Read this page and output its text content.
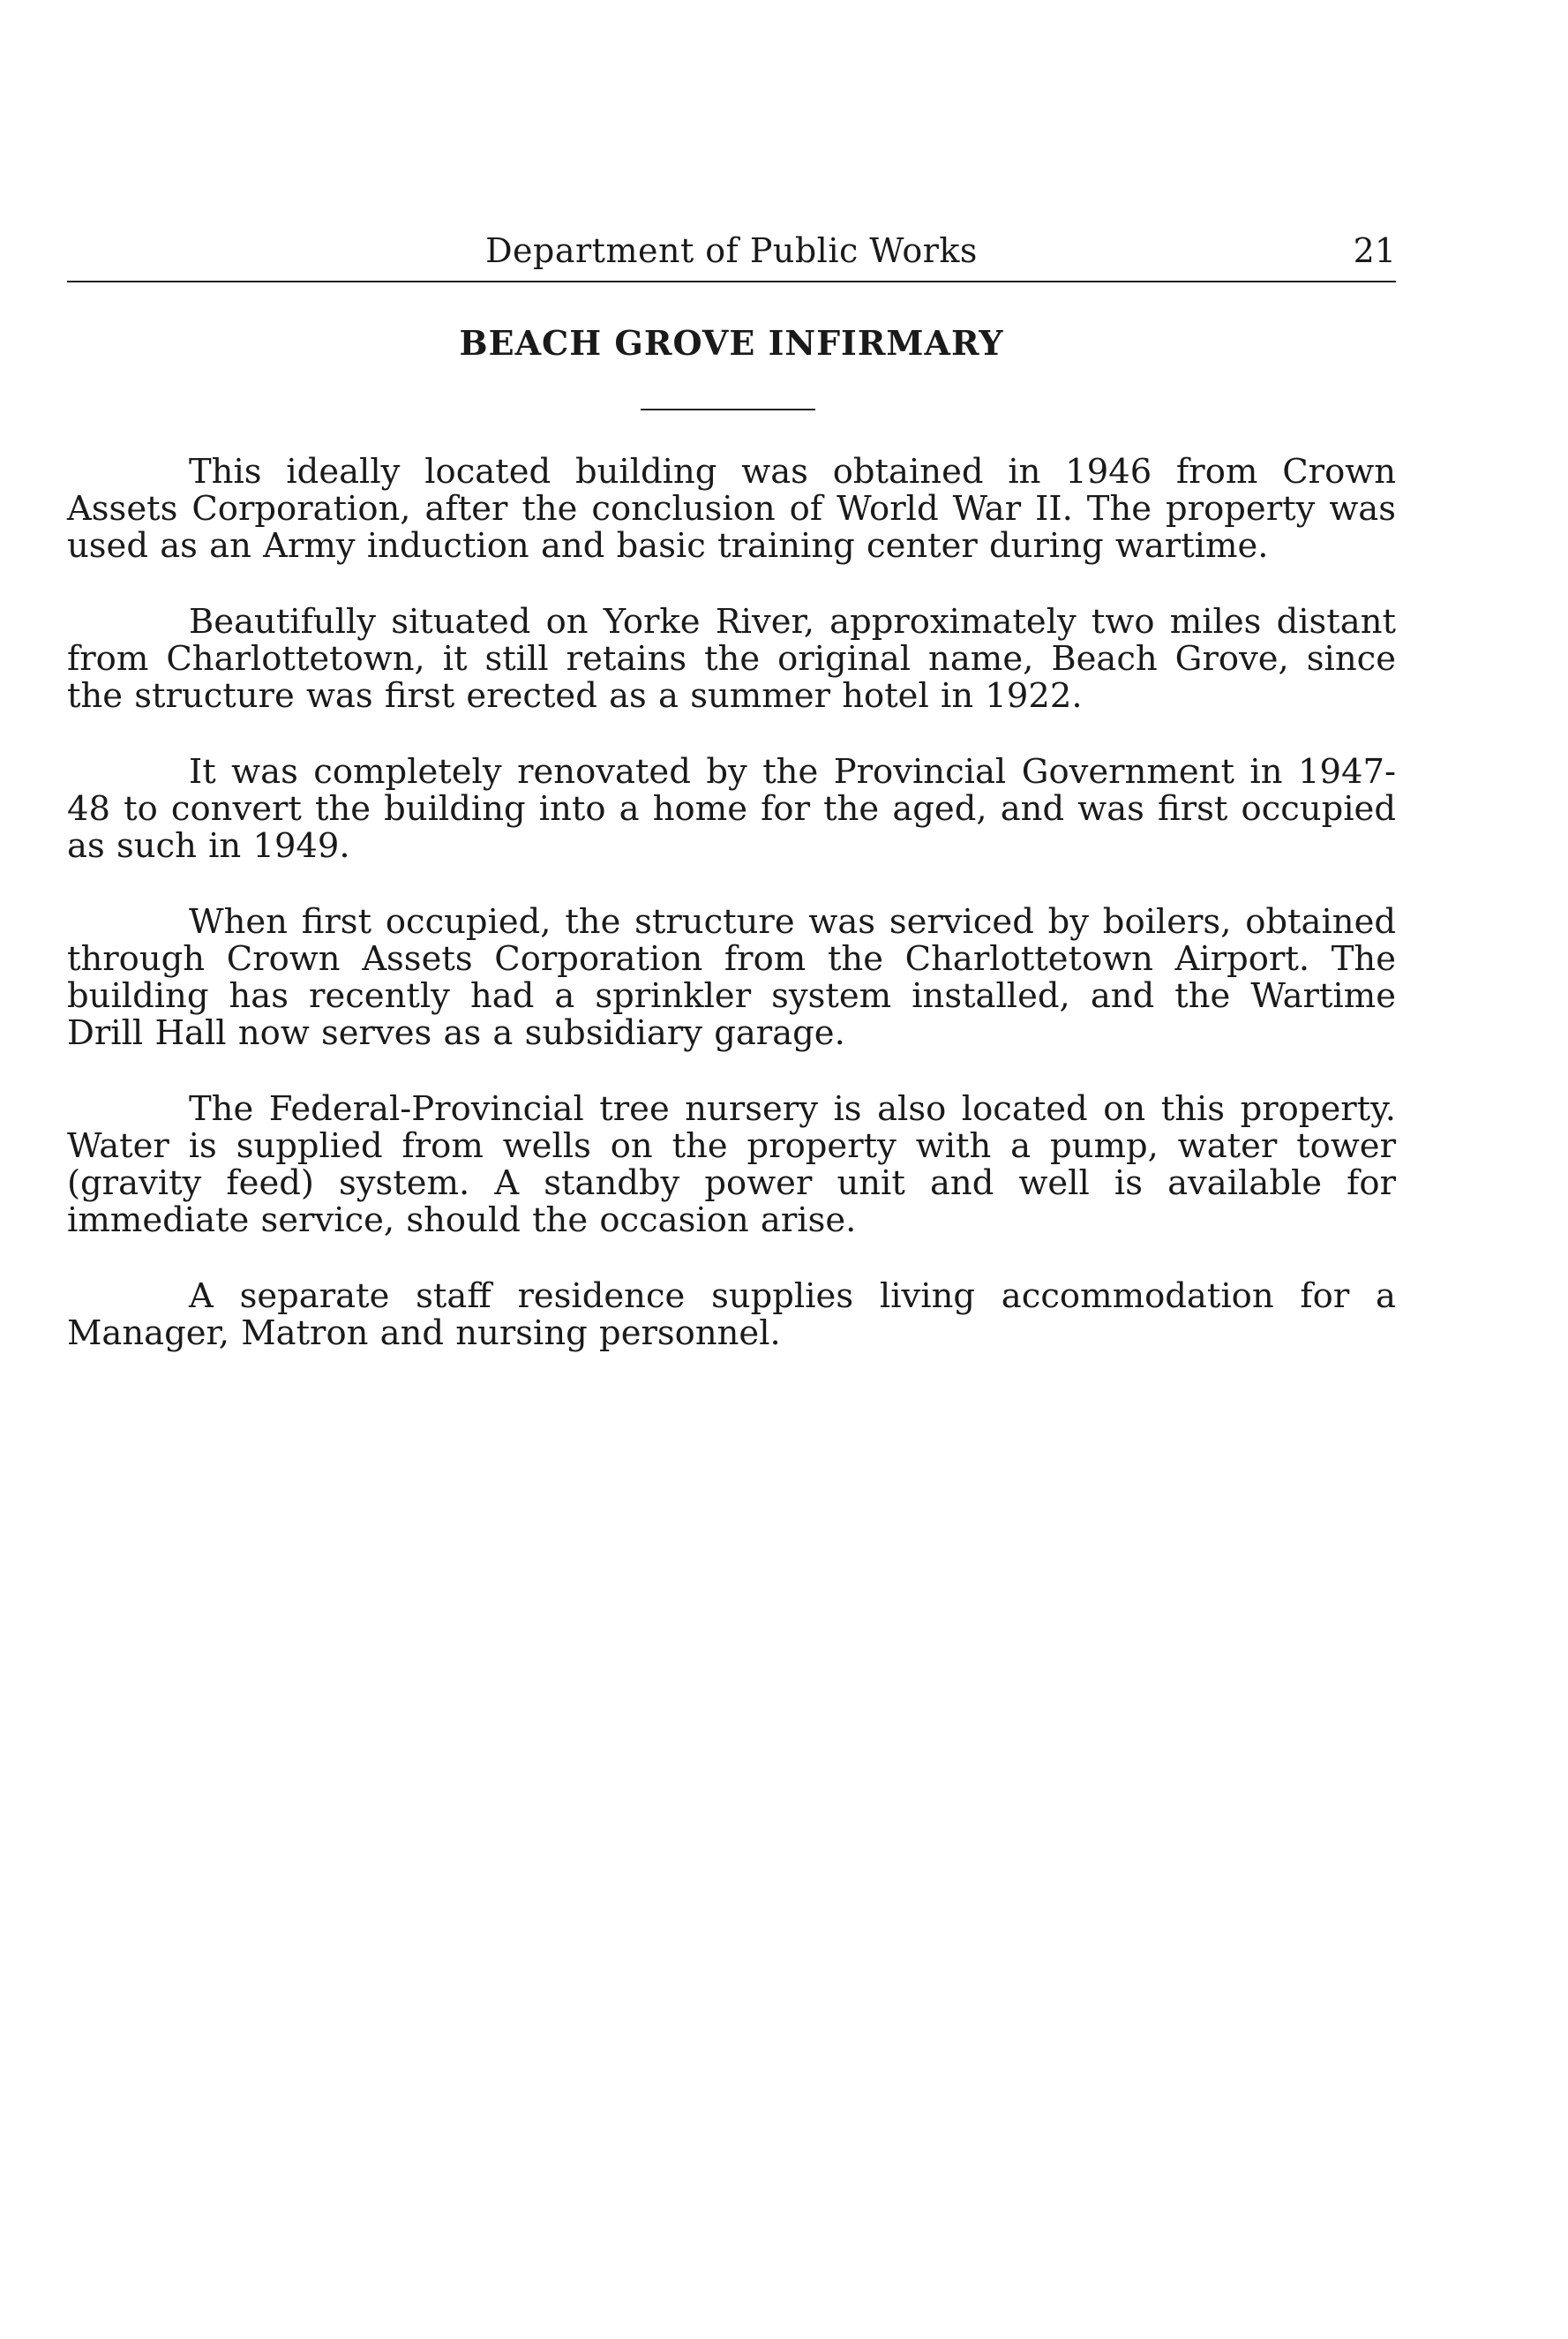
Department of Public Works	21
BEACH GROVE INFIRMARY

This ideally located building was obtained in 1946 from Crown Assets Corporation, after the conclusion of World War II. The property was used as an Army induction and basic training center during wartime.

Beautifully situated on Yorke River, approximately two miles distant from Charlottetown, it still retains the original name, Beach Grove, since the structure was first erected as a summer hotel in 1922.

It was completely renovated by the Provincial Government in 1947-48 to convert the building into a home for the aged, and was first occupied as such in 1949.

When first occupied, the structure was serviced by boilers, obtained through Crown Assets Corporation from the Charlottetown Airport. The building has recently had a sprinkler system installed, and the Wartime Drill Hall now serves as a subsidiary garage.

The Federal-Provincial tree nursery is also located on this property. Water is supplied from wells on the property with a pump, water tower (gravity feed) system. A standby power unit and well is available for immediate service, should the occasion arise.

A separate staff residence supplies living accommodation for a Manager, Matron and nursing personnel.
